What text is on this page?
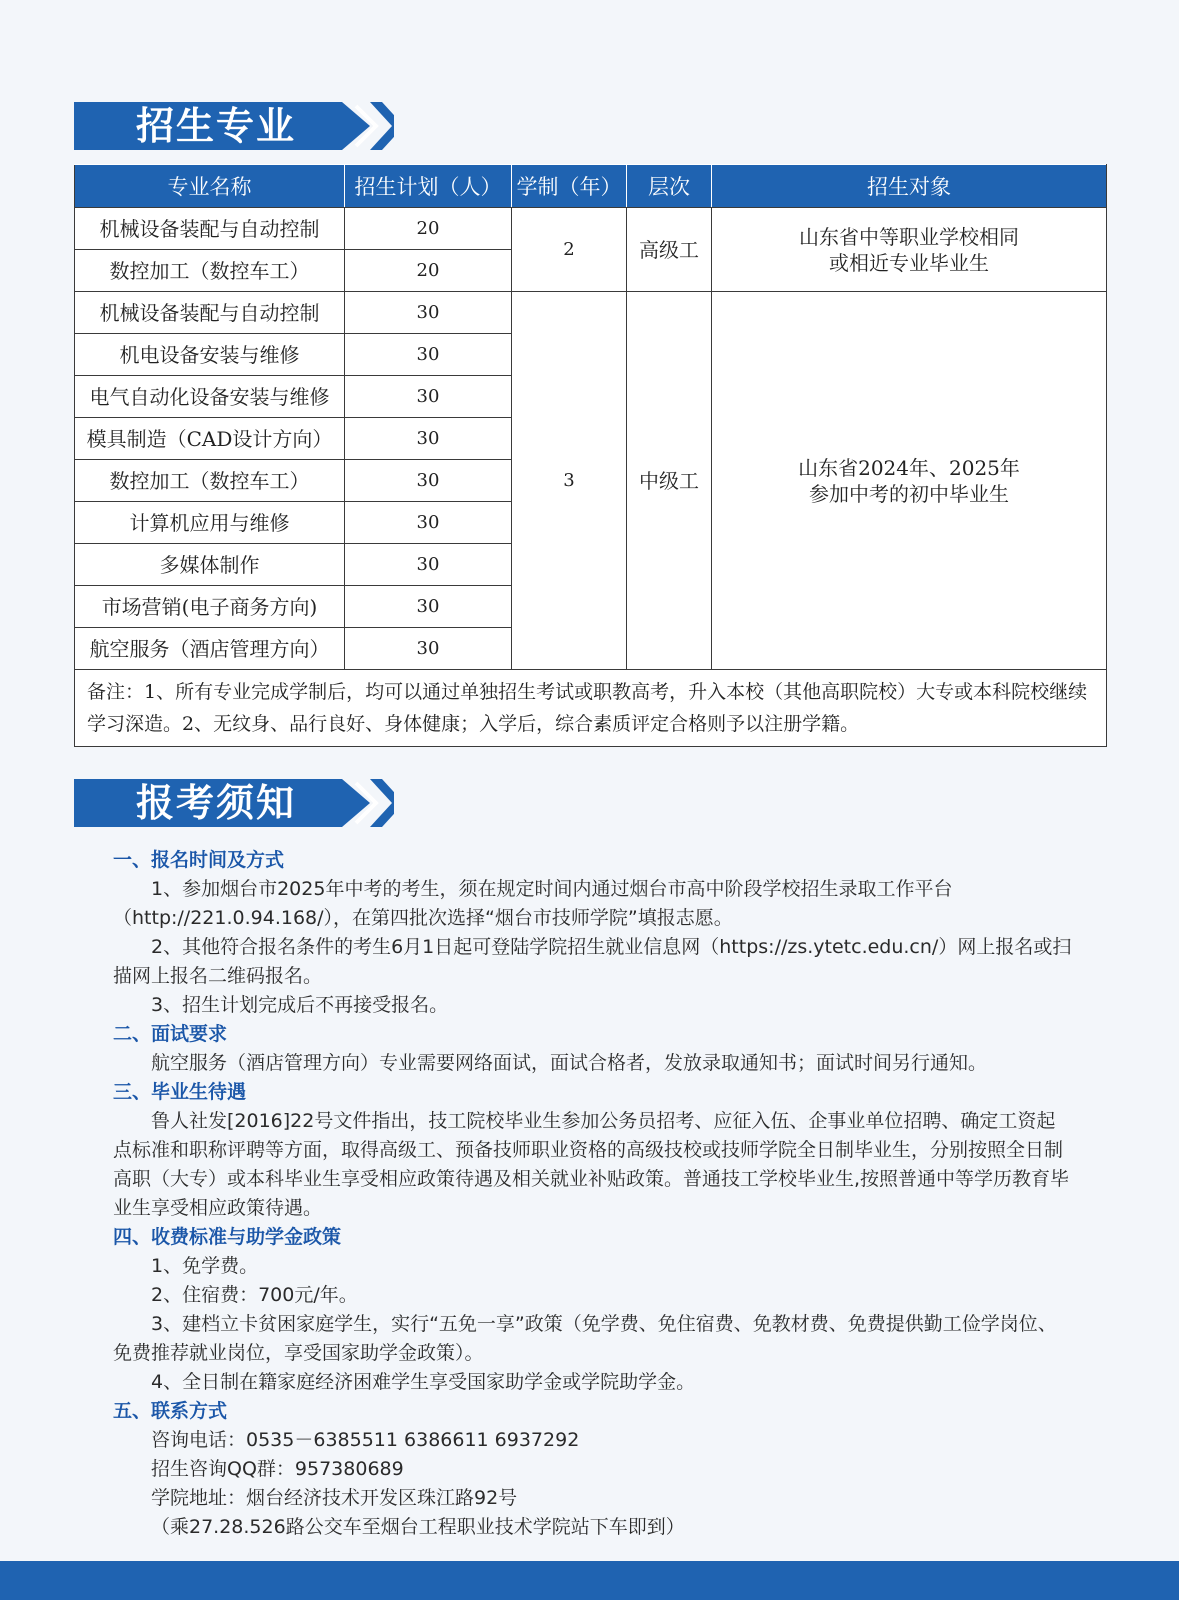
招生专业
专业名称	招生计划（人）	学制（年）	层次	招生对象
机械设备装配与自动控制	20	2	高级工	山东省中等职业学校相同
或相近专业毕业生
数控加工（数控车工）	20			
机械设备装配与自动控制	30	3	中级工	山东省2024年、2025年
参加中考的初中毕业生
机电设备安装与维修	30			
电气自动化设备安装与维修	30			
模具制造（CAD设计方向）	30			
数控加工（数控车工）	30			
计算机应用与维修	30			
多媒体制作	30			
市场营销(电子商务方向)	30			
航空服务（酒店管理方向）	30			
备注：1、所有专业完成学制后，均可以通过单独招生考试或职教高考，升入本校（其他高职院校）大专或本科院校继续学习深造。2、无纹身、品行良好、身体健康；入学后，综合素质评定合格则予以注册学籍。				
报考须知
一、报名时间及方式
1、参加烟台市2025年中考的考生，须在规定时间内通过烟台市高中阶段学校招生录取工作平台（http://221.0.94.168/），在第四批次选择“烟台市技师学院”填报志愿。
2、其他符合报名条件的考生6月1日起可登陆学院招生就业信息网（https://zs.ytetc.edu.cn/）网上报名或扫描网上报名二维码报名。
3、招生计划完成后不再接受报名。
二、面试要求
航空服务（酒店管理方向）专业需要网络面试，面试合格者，发放录取通知书；面试时间另行通知。
三、毕业生待遇
鲁人社发[2016]22号文件指出，技工院校毕业生参加公务员招考、应征入伍、企事业单位招聘、确定工资起点标准和职称评聘等方面，取得高级工、预备技师职业资格的高级技校或技师学院全日制毕业生，分别按照全日制高职（大专）或本科毕业生享受相应政策待遇及相关就业补贴政策。普通技工学校毕业生,按照普通中等学历教育毕业生享受相应政策待遇。
四、收费标准与助学金政策
1、免学费。
2、住宿费：700元/年。
3、建档立卡贫困家庭学生，实行“五免一享”政策（免学费、免住宿费、免教材费、免费提供勤工俭学岗位、免费推荐就业岗位，享受国家助学金政策）。
4、全日制在籍家庭经济困难学生享受国家助学金或学院助学金。
五、联系方式
咨询电话：0535－6385511 6386611 6937292
招生咨询QQ群：957380689
学院地址：烟台经济技术开发区珠江路92号
（乘27.28.526路公交车至烟台工程职业技术学院站下车即到）
